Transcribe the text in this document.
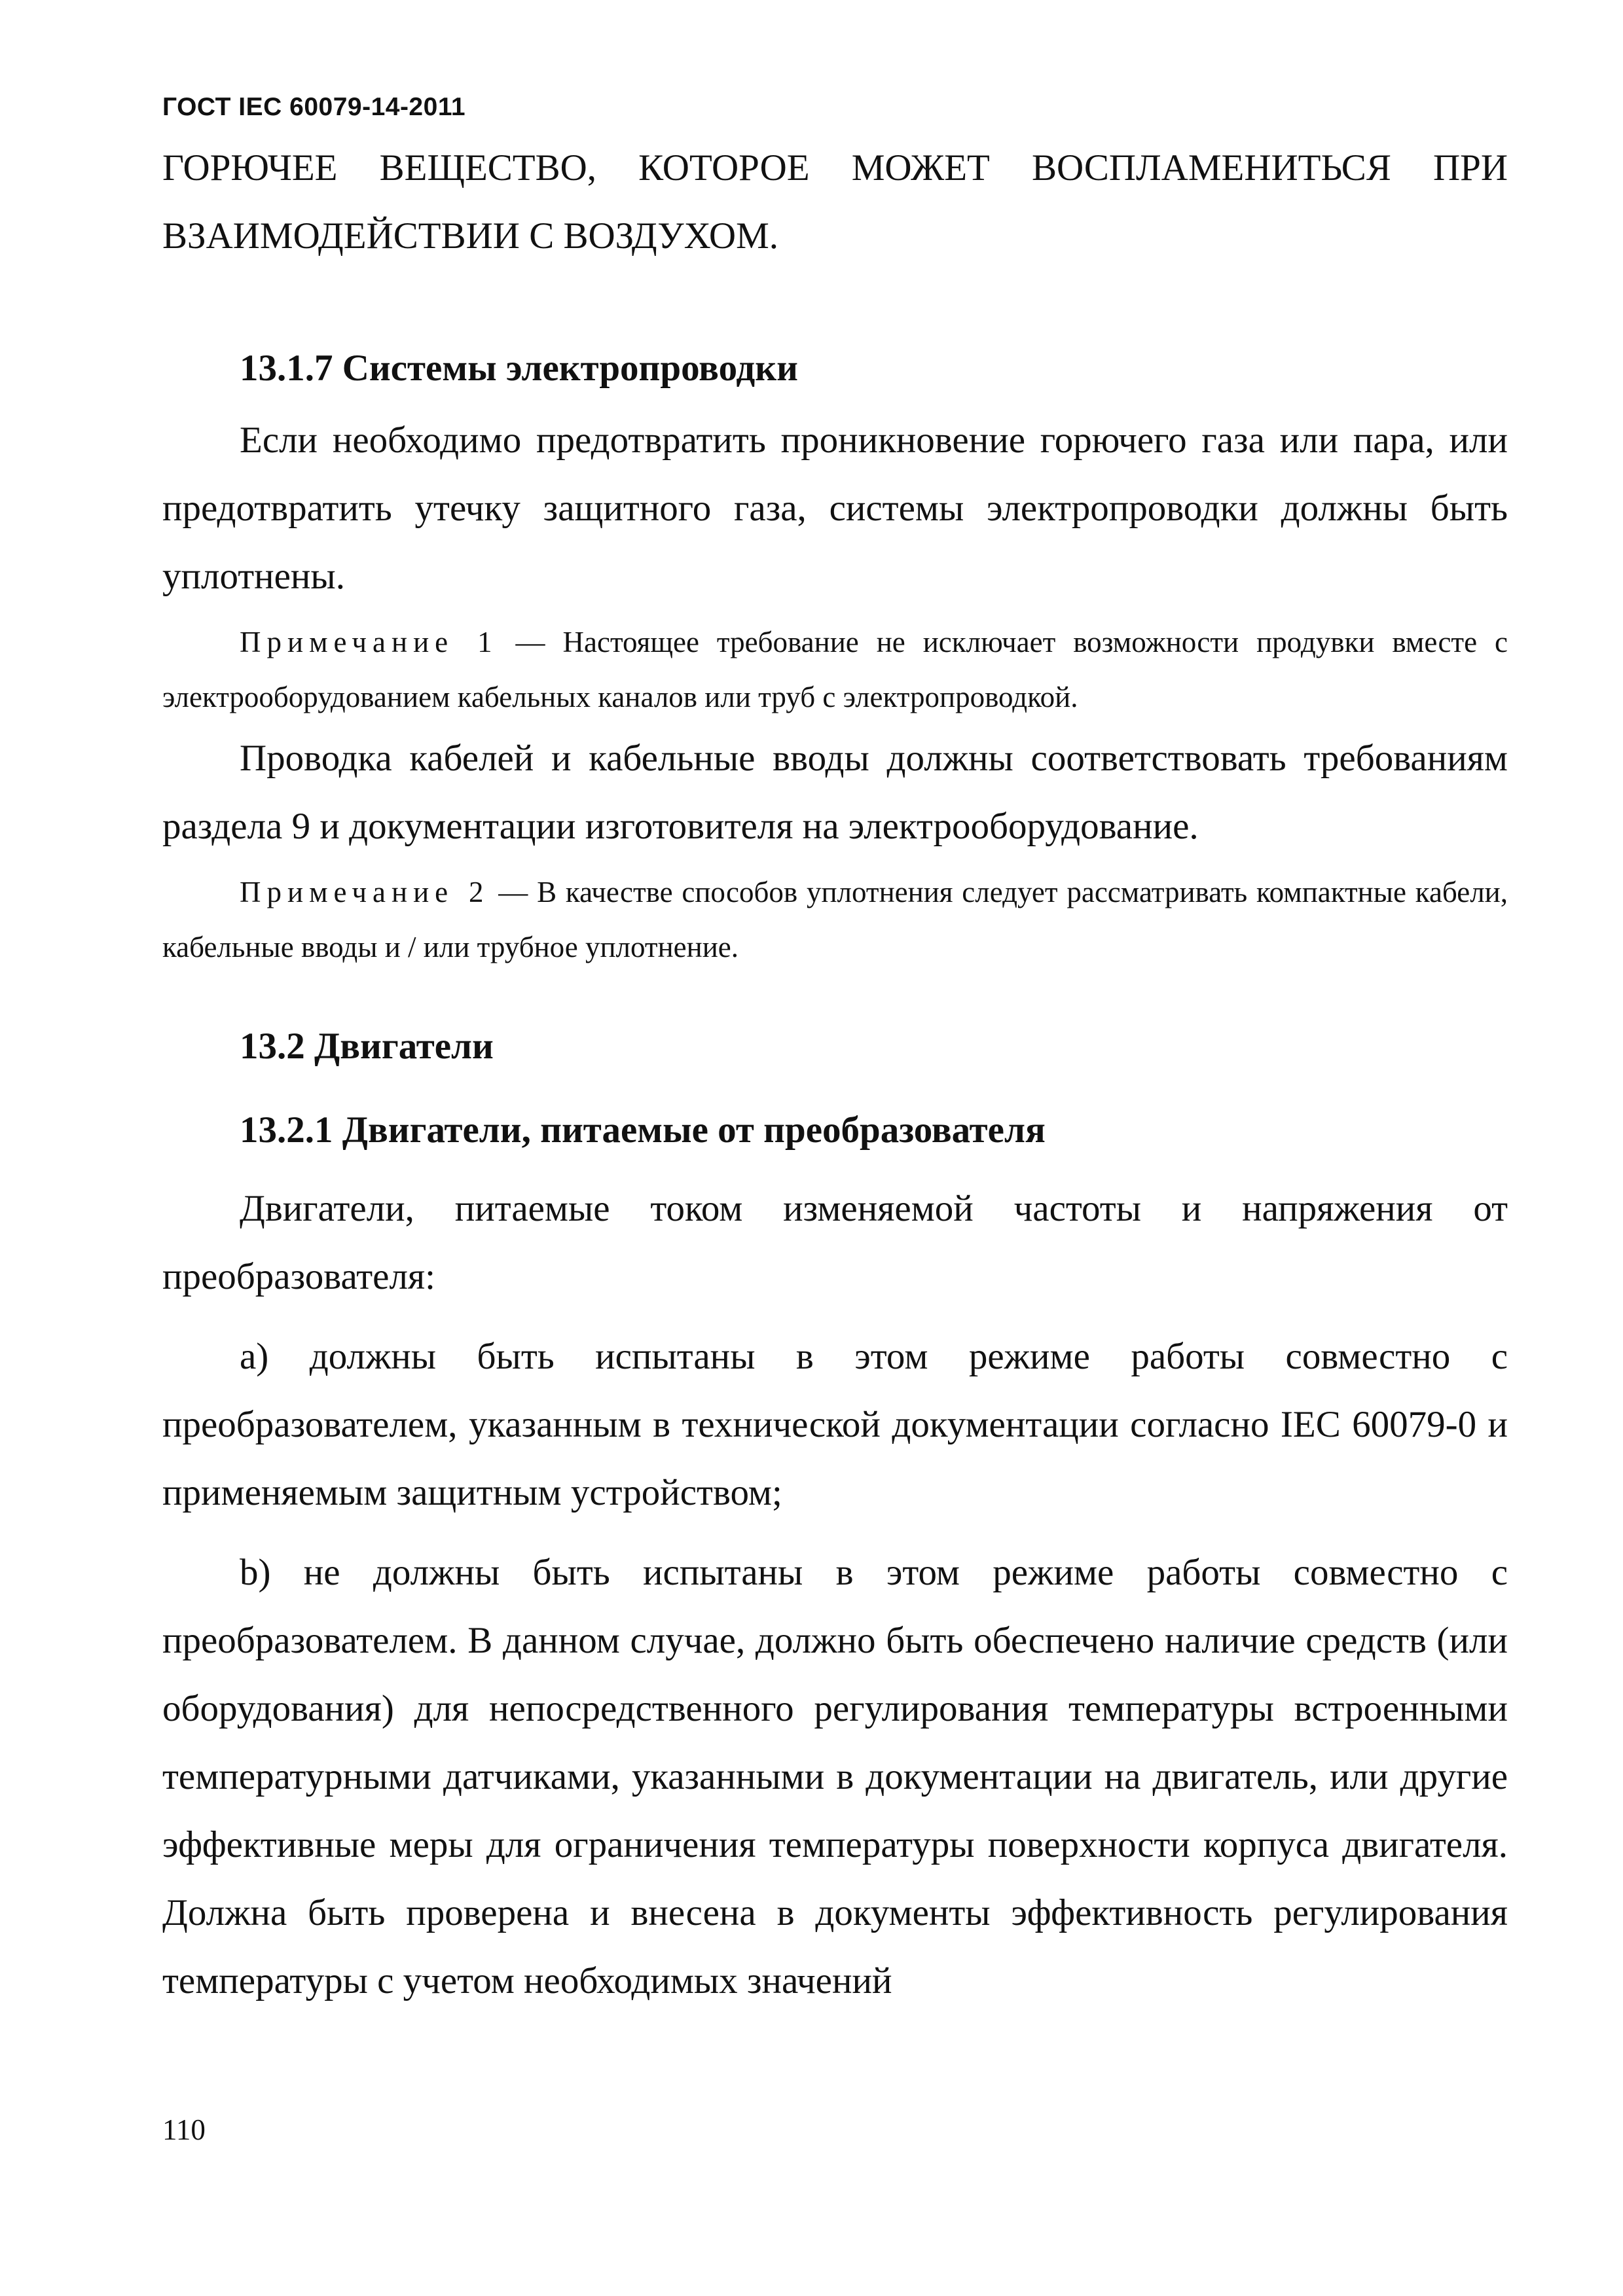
ГОСТ IEC 60079-14-2011

ГОРЮЧЕЕ ВЕЩЕСТВО, КОТОРОЕ МОЖЕТ ВОСПЛАМЕНИТЬСЯ ПРИ ВЗАИМОДЕЙСТВИИ С ВОЗДУХОМ.

13.1.7 Системы электропроводки

Если необходимо предотвратить проникновение горючего газа или пара, или предотвратить утечку защитного газа, системы электропроводки должны быть уплотнены.

Примечание 1 — Настоящее требование не исключает возможности продувки вместе с электрооборудованием кабельных каналов или труб с электропроводкой.

Проводка кабелей и кабельные вводы должны соответствовать требованиям раздела 9 и документации изготовителя на электрооборудование.

Примечание 2 — В качестве способов уплотнения следует рассматривать компактные кабели, кабельные вводы и / или трубное уплотнение.

13.2 Двигатели

13.2.1 Двигатели, питаемые от преобразователя

Двигатели, питаемые током изменяемой частоты и напряжения от преобразователя:

a) должны быть испытаны в этом режиме работы совместно с преобразователем, указанным в технической документации согласно IEC 60079-0 и применяемым защитным устройством;

b) не должны быть испытаны в этом режиме работы совместно с преобразователем. В данном случае, должно быть обеспечено наличие средств (или оборудования) для непосредственного регулирования температуры встроенными температурными датчиками, указанными в документации на двигатель, или другие эффективные меры для ограничения температуры поверхности корпуса двигателя. Должна быть проверена и внесена в документы эффективность регулирования температуры с учетом необходимых значений

110
